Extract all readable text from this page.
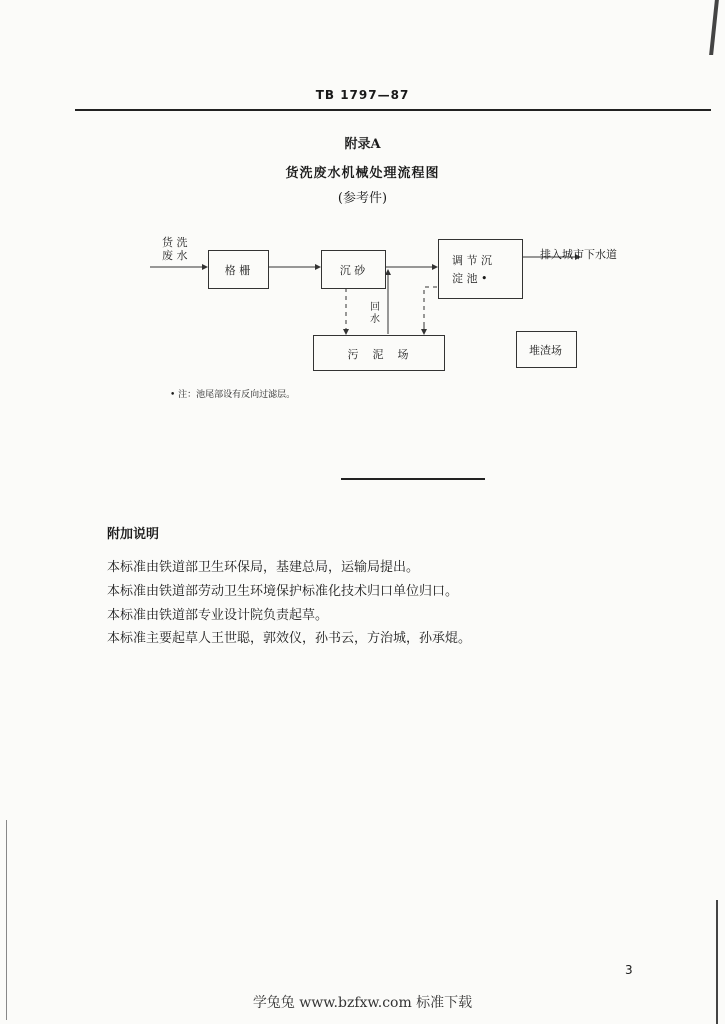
TB 1797—87
附录A
货洗废水机械处理流程图
(参考件)
货 洗
废 水
格 栅	沉 砂
调 节 沉
淀 池 •
排入城市下水道
回水
污    泥    场	堆渣场
• 注：池尾部设有反向过滤层。
附加说明
本标准由铁道部卫生环保局，基建总局，运输局提出。
本标准由铁道部劳动卫生环境保护标准化技术归口单位归口。
本标准由铁道部专业设计院负责起草。
本标准主要起草人王世聪，郭效仪，孙书云，方治城，孙承焜。
3
学兔兔 www.bzfxw.com 标准下载
